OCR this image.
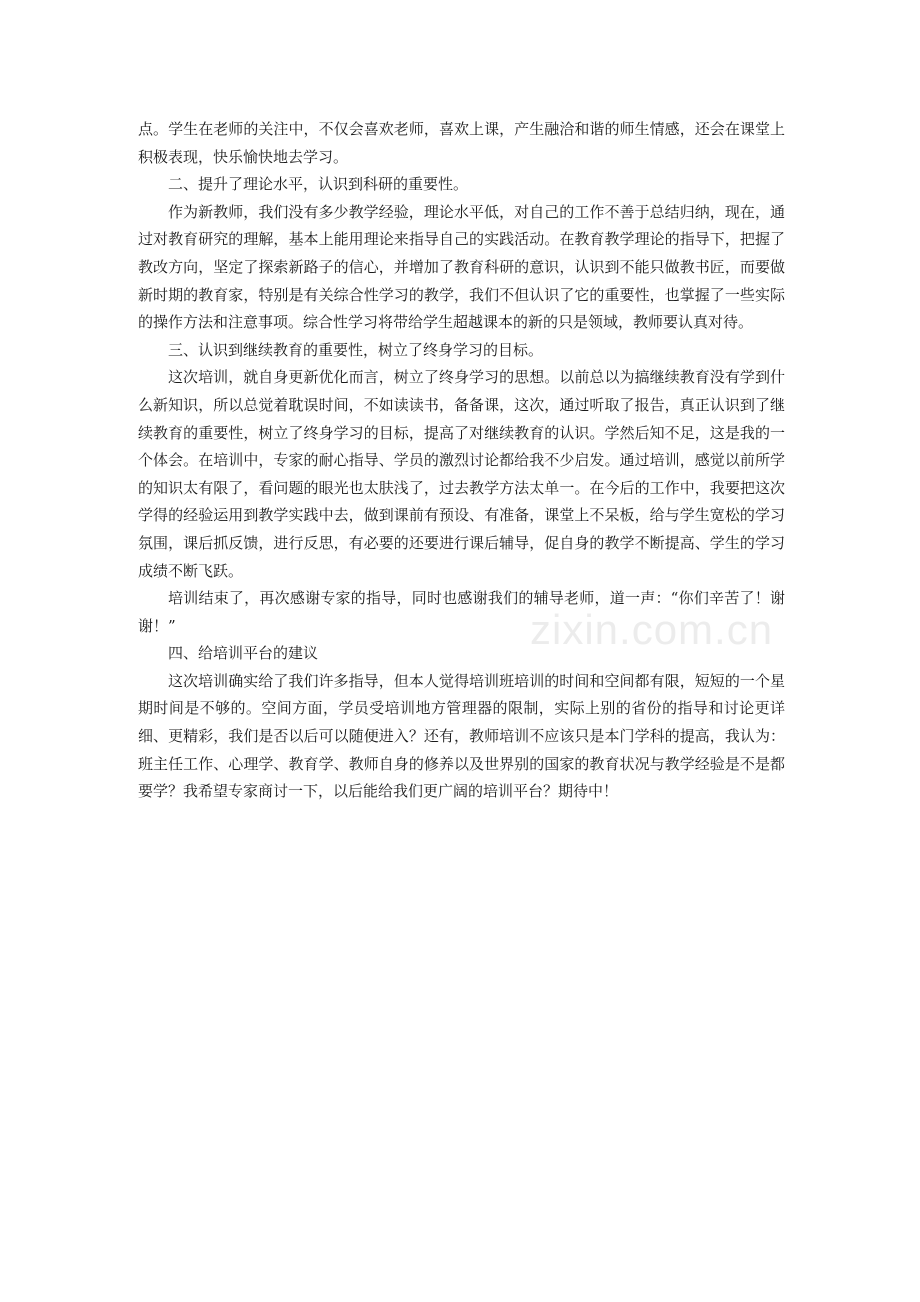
点。学生在老师的关注中，不仅会喜欢老师，喜欢上课，产生融洽和谐的师生情感，还会在课堂上积极表现，快乐愉快地去学习。

二、提升了理论水平，认识到科研的重要性。

作为新教师，我们没有多少教学经验，理论水平低，对自己的工作不善于总结归纳，现在，通过对教育研究的理解，基本上能用理论来指导自己的实践活动。在教育教学理论的指导下，把握了教改方向，坚定了探索新路子的信心，并增加了教育科研的意识，认识到不能只做教书匠，而要做新时期的教育家，特别是有关综合性学习的教学，我们不但认识了它的重要性，也掌握了一些实际的操作方法和注意事项。综合性学习将带给学生超越课本的新的只是领域，教师要认真对待。

三、认识到继续教育的重要性，树立了终身学习的目标。

这次培训，就自身更新优化而言，树立了终身学习的思想。以前总以为搞继续教育没有学到什么新知识，所以总觉着耽误时间，不如读读书，备备课，这次，通过听取了报告，真正认识到了继续教育的重要性，树立了终身学习的目标，提高了对继续教育的认识。学然后知不足，这是我的一个体会。在培训中，专家的耐心指导、学员的激烈讨论都给我不少启发。通过培训，感觉以前所学的知识太有限了，看问题的眼光也太肤浅了，过去教学方法太单一。在今后的工作中，我要把这次学得的经验运用到教学实践中去，做到课前有预设、有准备，课堂上不呆板，给与学生宽松的学习氛围，课后抓反馈，进行反思，有必要的还要进行课后辅导，促自身的教学不断提高、学生的学习成绩不断飞跃。

培训结束了，再次感谢专家的指导，同时也感谢我们的辅导老师，道一声：“你们辛苦了！谢谢！”

四、给培训平台的建议

这次培训确实给了我们许多指导，但本人觉得培训班培训的时间和空间都有限，短短的一个星期时间是不够的。空间方面，学员受培训地方管理器的限制，实际上别的省份的指导和讨论更详细、更精彩，我们是否以后可以随便进入？还有，教师培训不应该只是本门学科的提高，我认为：班主任工作、心理学、教育学、教师自身的修养以及世界别的国家的教育状况与教学经验是不是都要学？我希望专家商讨一下，以后能给我们更广阔的培训平台？期待中！

zixin.com.cn
